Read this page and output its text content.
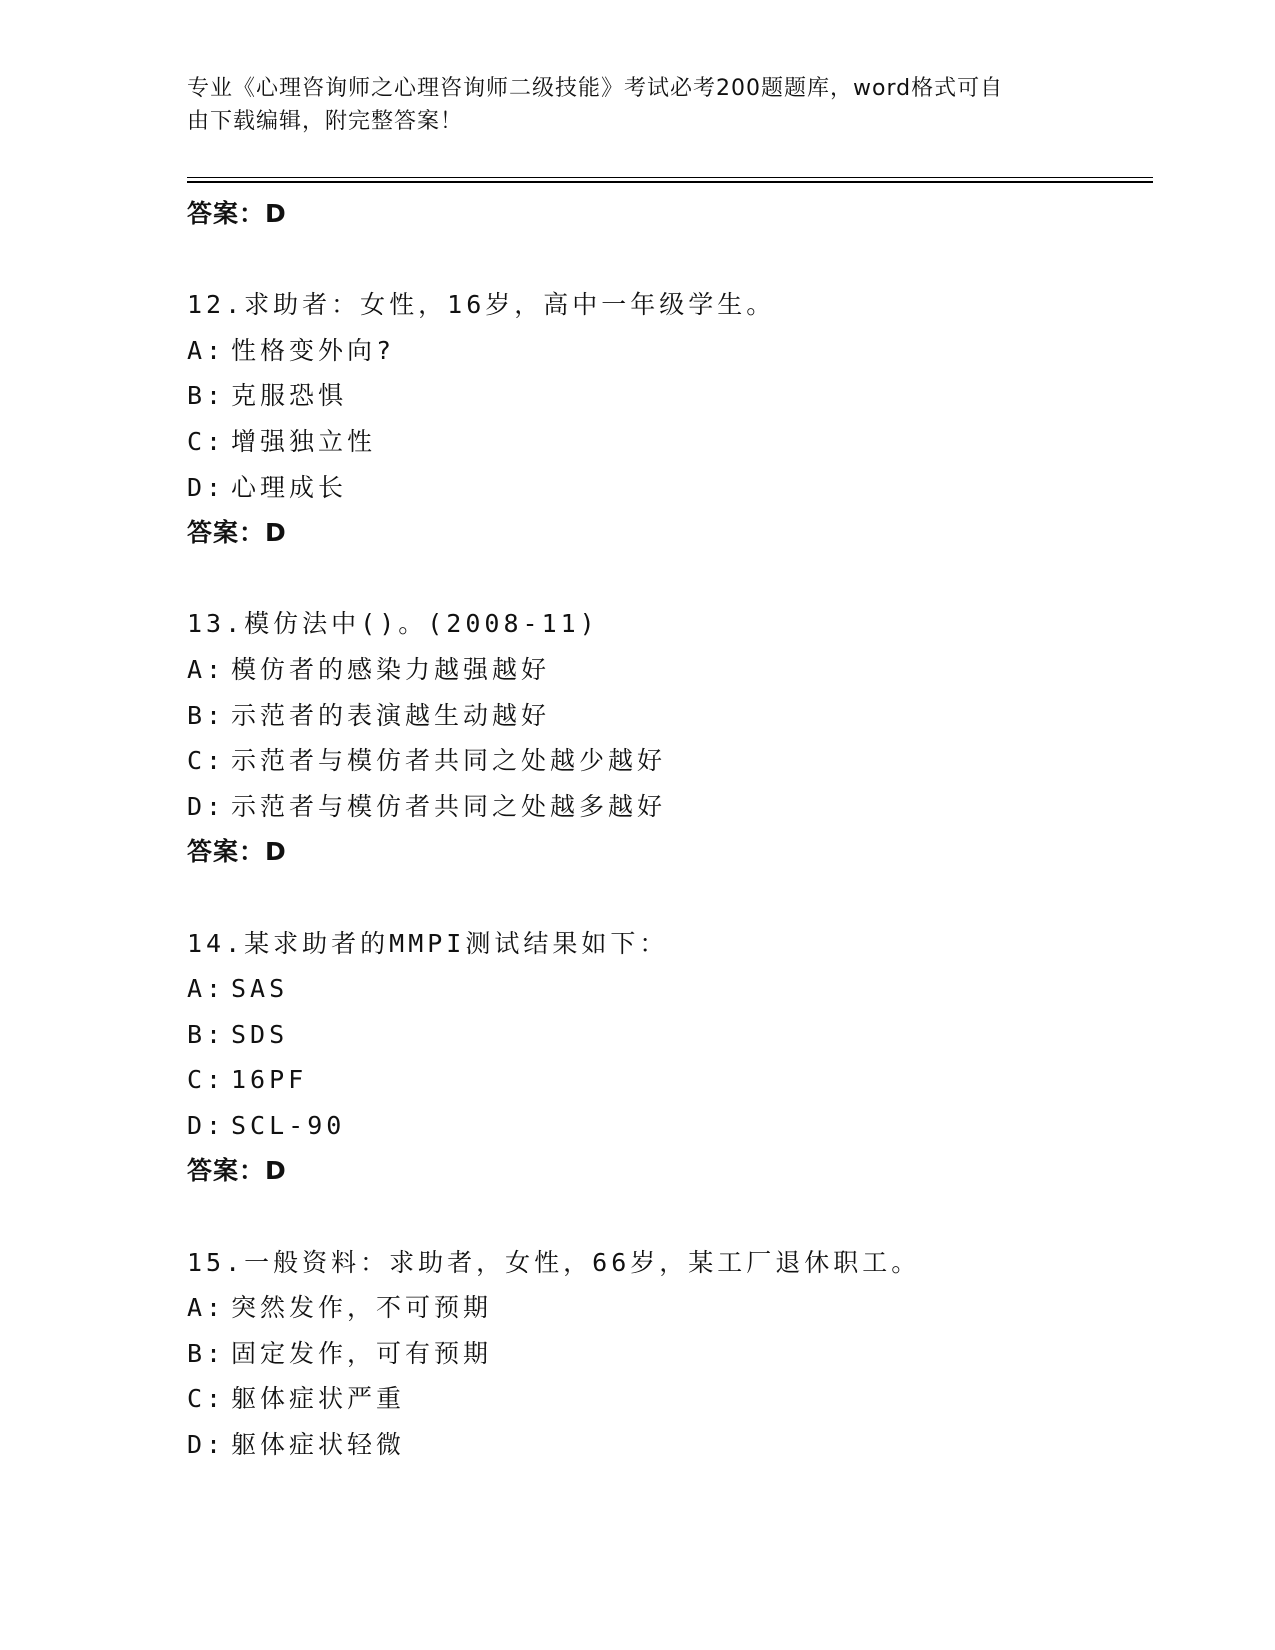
专业《心理咨询师之心理咨询师二级技能》考试必考200题题库，word格式可自
由下载编辑，附完整答案！
答案：D
12.求助者：女性，16岁，高中一年级学生。
A: 性格变外向?
B: 克服恐惧
C: 增强独立性
D: 心理成长
答案：D
13.模仿法中()。(2008-11)
A: 模仿者的感染力越强越好
B: 示范者的表演越生动越好
C: 示范者与模仿者共同之处越少越好
D: 示范者与模仿者共同之处越多越好
答案：D
14.某求助者的MMPI测试结果如下：
A: SAS
B: SDS
C: 16PF
D: SCL-90
答案：D
15.一般资料：求助者，女性，66岁，某工厂退休职工。
A: 突然发作，不可预期
B: 固定发作，可有预期
C: 躯体症状严重
D: 躯体症状轻微
